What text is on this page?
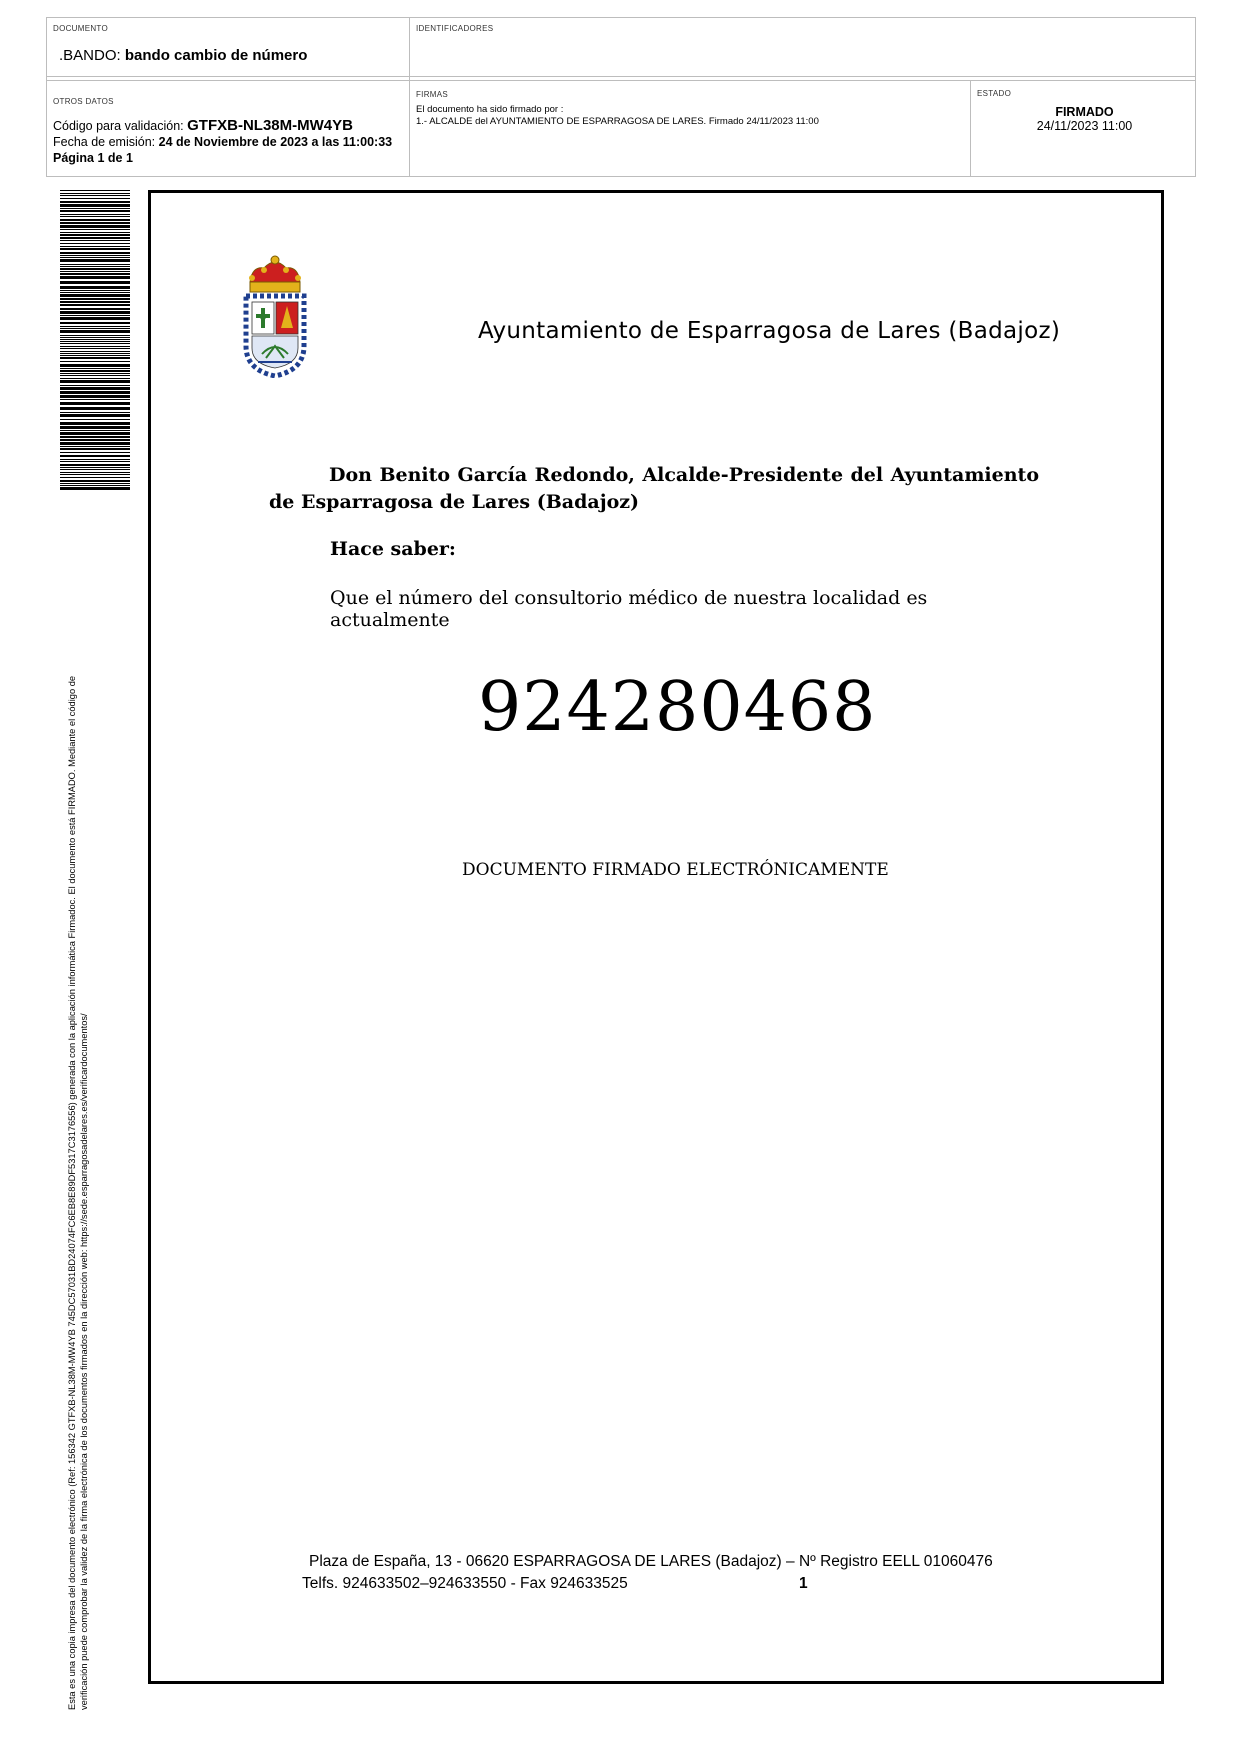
DOCUMENTO
.BANDO: bando cambio de número
IDENTIFICADORES
OTROS DATOS
Código para validación: GTFXB-NL38M-MW4YB
Fecha de emisión: 24 de Noviembre de 2023 a las 11:00:33
Página 1 de 1
FIRMAS
El documento ha sido firmado por :
1.- ALCALDE del AYUNTAMIENTO DE ESPARRAGOSA DE LARES. Firmado 24/11/2023 11:00
ESTADO
FIRMADO
24/11/2023 11:00
Esta es una copia impresa del documento electrónico (Ref: 156342 GTFXB-NL38M-MW4YB 745DC57031BD24074FC6EB8E89DF5317C3176556) generada con la aplicación informática Firmadoc. El documento está FIRMADO. Mediante el código de verificación puede comprobar la validez de la firma electrónica de los documentos firmados en la dirección web: https://sede.esparragosadelares.es/verificardocumentos/
Ayuntamiento de Esparragosa de Lares (Badajoz)
Don Benito García Redondo, Alcalde-Presidente del Ayuntamiento de Esparragosa de Lares (Badajoz)
Hace saber:
Que el número del consultorio médico de nuestra localidad es actualmente
924280468
DOCUMENTO FIRMADO ELECTRÓNICAMENTE
Plaza de España, 13 - 06620 ESPARRAGOSA DE LARES (Badajoz) – Nº Registro EELL 01060476
Telfs. 924633502–924633550 - Fax 924633525	1
